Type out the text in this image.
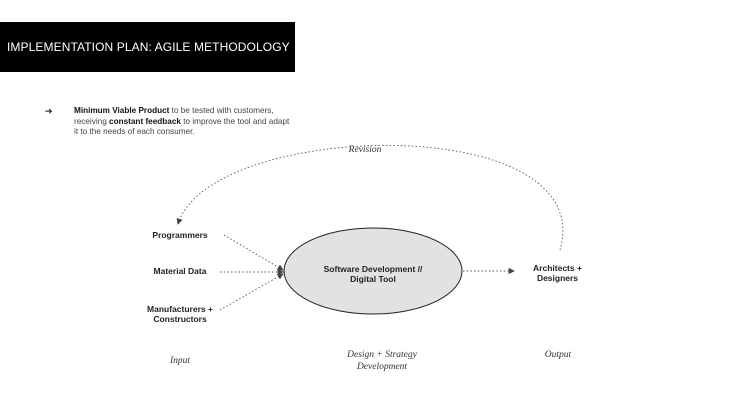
IMPLEMENTATION PLAN: AGILE METHODOLOGY
➔	Minimum Viable Product to be tested with customers, receiving constant feedback to improve the tool and adapt it to the needs of each consumer.
Revision
Programmers
Material Data
Manufacturers +
Constructors
Software Development //
Digital Tool
Architects +
Designers
Input
Design + Strategy
Development
Output
